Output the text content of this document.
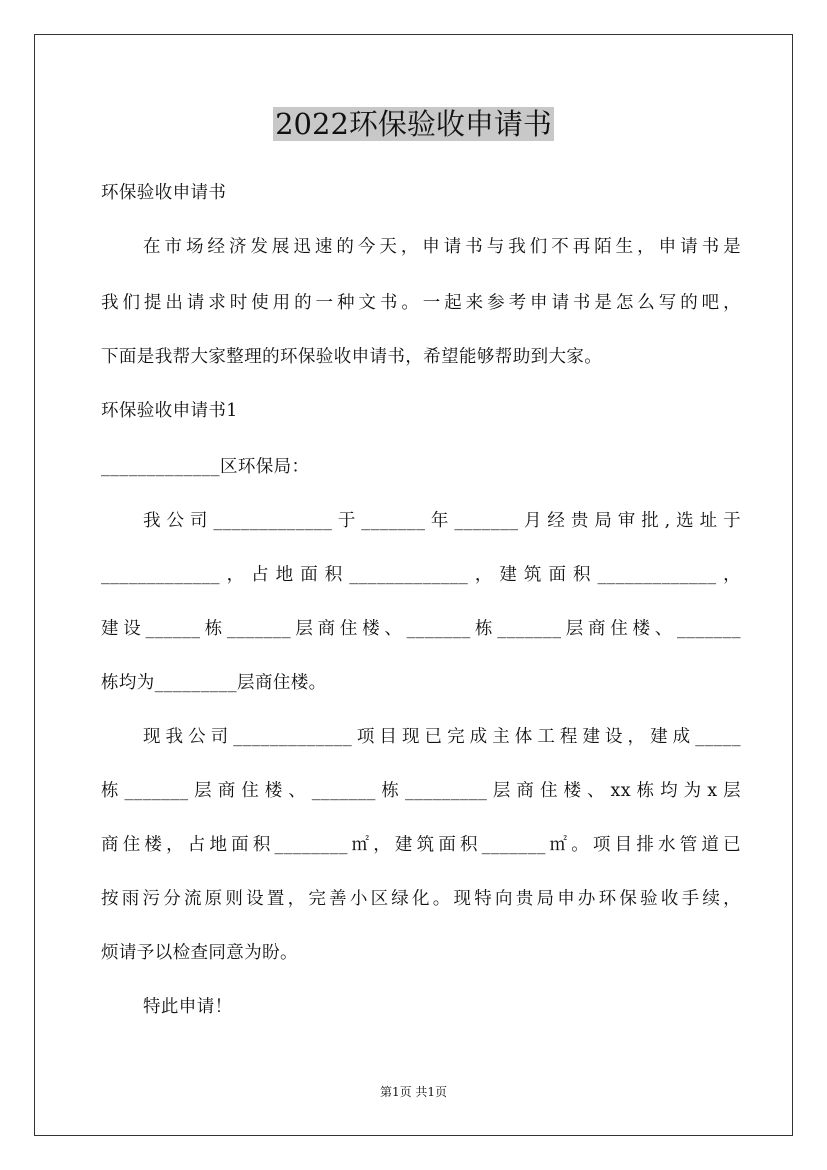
2022环保验收申请书
环保验收申请书
在市场经济发展迅速的今天，申请书与我们不再陌生，申请书是
我们提出请求时使用的一种文书。一起来参考申请书是怎么写的吧，
下面是我帮大家整理的环保验收申请书，希望能够帮助到大家。
环保验收申请书1
_____________区环保局：
我公司_____________于_______年_______月经贵局审批,选址于
_____________，占地面积_____________，建筑面积_____________，
建设______栋_______层商住楼、_______栋_______层商住楼、_______
栋均为_________层商住楼。
现我公司_____________项目现已完成主体工程建设，建成_____
栋_______层商住楼、_______栋_________层商住楼、xx栋均为x层
商住楼，占地面积________㎡，建筑面积_______㎡。项目排水管道已
按雨污分流原则设置，完善小区绿化。现特向贵局申办环保验收手续，
烦请予以检查同意为盼。
特此申请！
第1页 共1页
